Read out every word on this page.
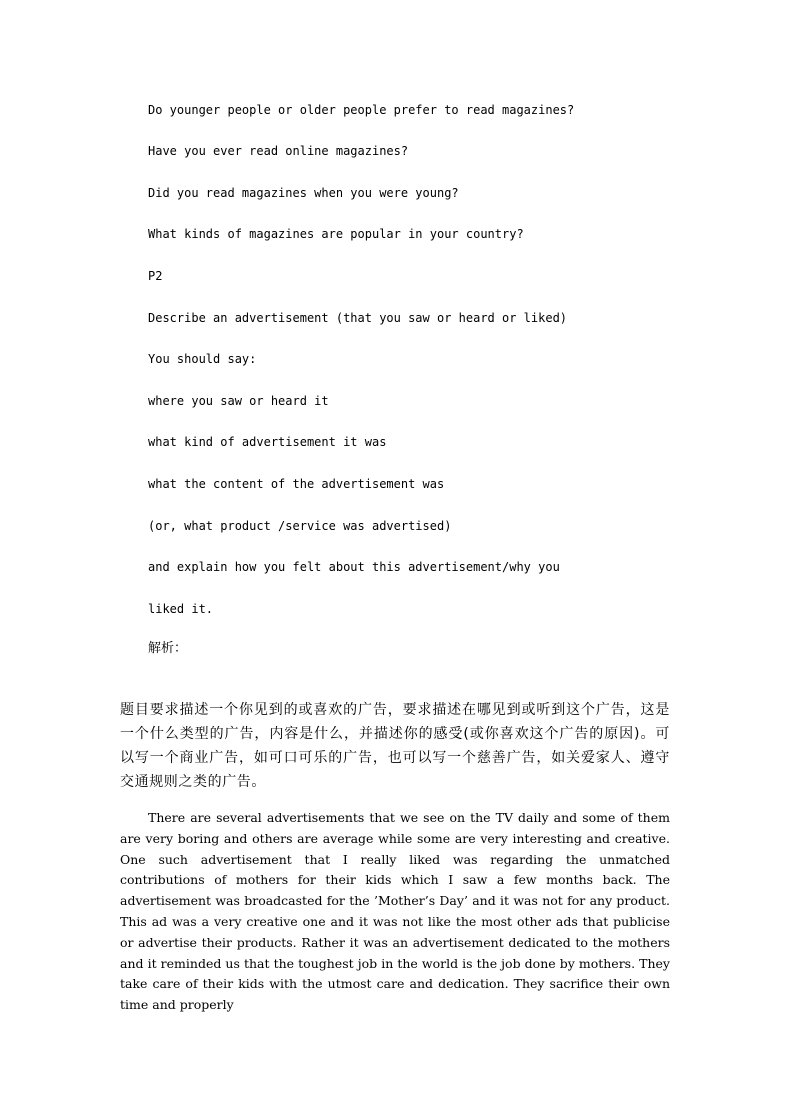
Do younger people or older people prefer to read magazines?
Have you ever read online magazines?
Did you read magazines when you were young?
What kinds of magazines are popular in your country?
P2
Describe an advertisement (that you saw or heard or liked)
You should say:
where you saw or heard it
what kind of advertisement it was
what the content of the advertisement was
(or, what product /service was advertised)
and explain how you felt about this advertisement/why you
liked it.
解析：

题目要求描述一个你见到的或喜欢的广告，要求描述在哪见到或听到这个广告，这是一个什么类型的广告，内容是什么，并描述你的感受(或你喜欢这个广告的原因)。可以写一个商业广告，如可口可乐的广告，也可以写一个慈善广告，如关爱家人、遵守交通规则之类的广告。

There are several advertisements that we see on the TV daily and some of them are very boring and others are average while some are very interesting and creative. One such advertisement that I really liked was regarding the unmatched contributions of mothers for their kids which I saw a few months back. The advertisement was broadcasted for the ’Mother’s Day’ and it was not for any product. This ad was a very creative one and it was not like the most other ads that publicise or advertise their products. Rather it was an advertisement dedicated to the mothers and it reminded us that the toughest job in the world is the job done by mothers. They take care of their kids with the utmost care and dedication. They sacrifice their own time and properly
